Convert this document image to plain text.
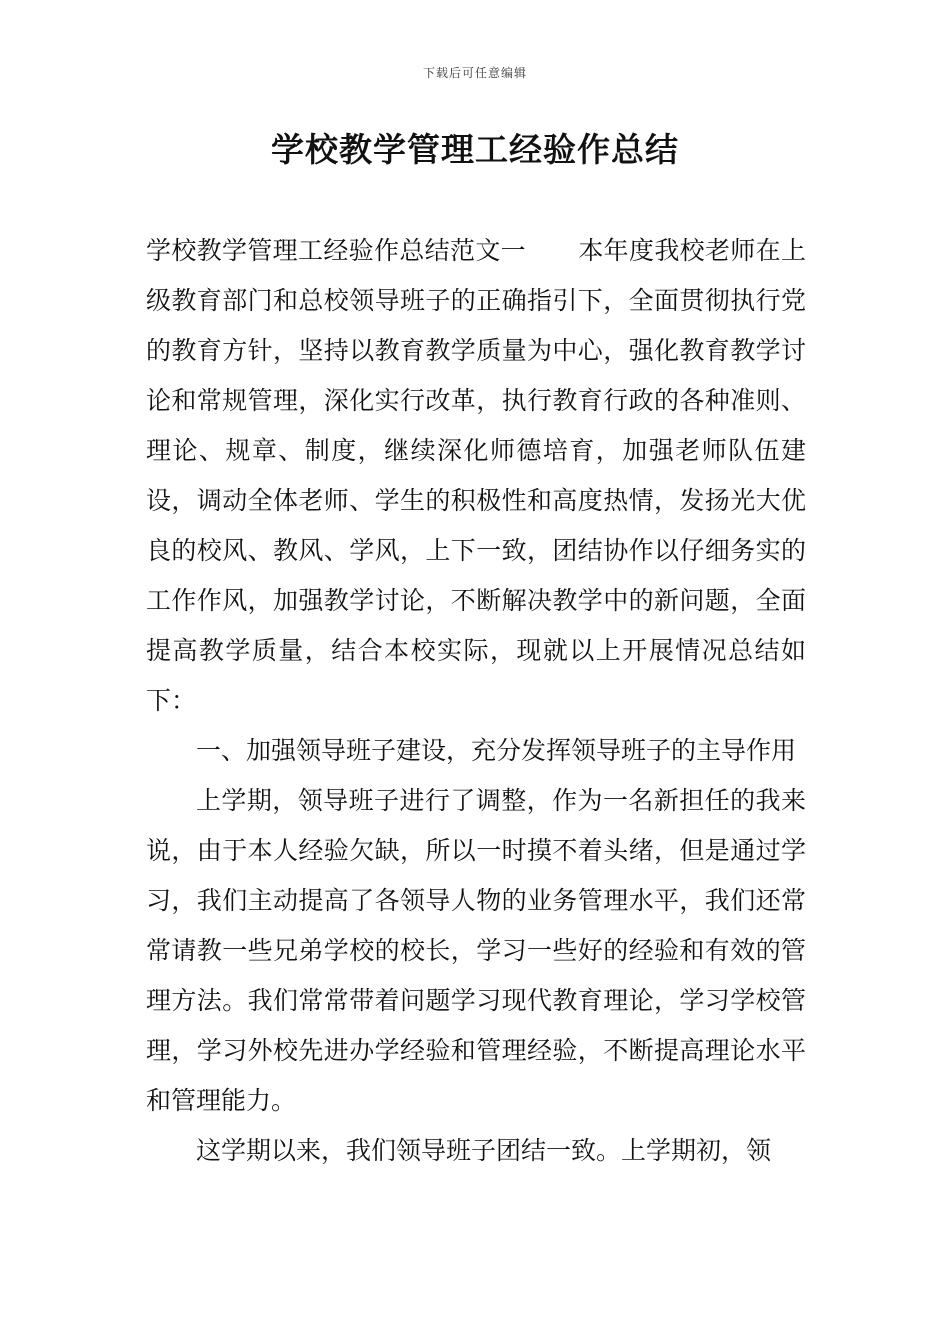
下载后可任意编辑
学校教学管理工经验作总结

学校教学管理工经验作总结范文一 本年度我校老师在上级教育部门和总校领导班子的正确指引下，全面贯彻执行党的教育方针，坚持以教育教学质量为中心，强化教育教学讨论和常规管理，深化实行改革，执行教育行政的各种准则、理论、规章、制度，继续深化师德培育，加强老师队伍建设，调动全体老师、学生的积极性和高度热情，发扬光大优良的校风、教风、学风，上下一致，团结协作以仔细务实的工作作风，加强教学讨论，不断解决教学中的新问题，全面提高教学质量，结合本校实际，现就以上开展情况总结如下：

一、加强领导班子建设，充分发挥领导班子的主导作用

上学期，领导班子进行了调整，作为一名新担任的我来说，由于本人经验欠缺，所以一时摸不着头绪，但是通过学习，我们主动提高了各领导人物的业务管理水平，我们还常常请教一些兄弟学校的校长，学习一些好的经验和有效的管理方法。我们常常带着问题学习现代教育理论，学习学校管理，学习外校先进办学经验和管理经验，不断提高理论水平和管理能力。

这学期以来，我们领导班子团结一致。上学期初，领
